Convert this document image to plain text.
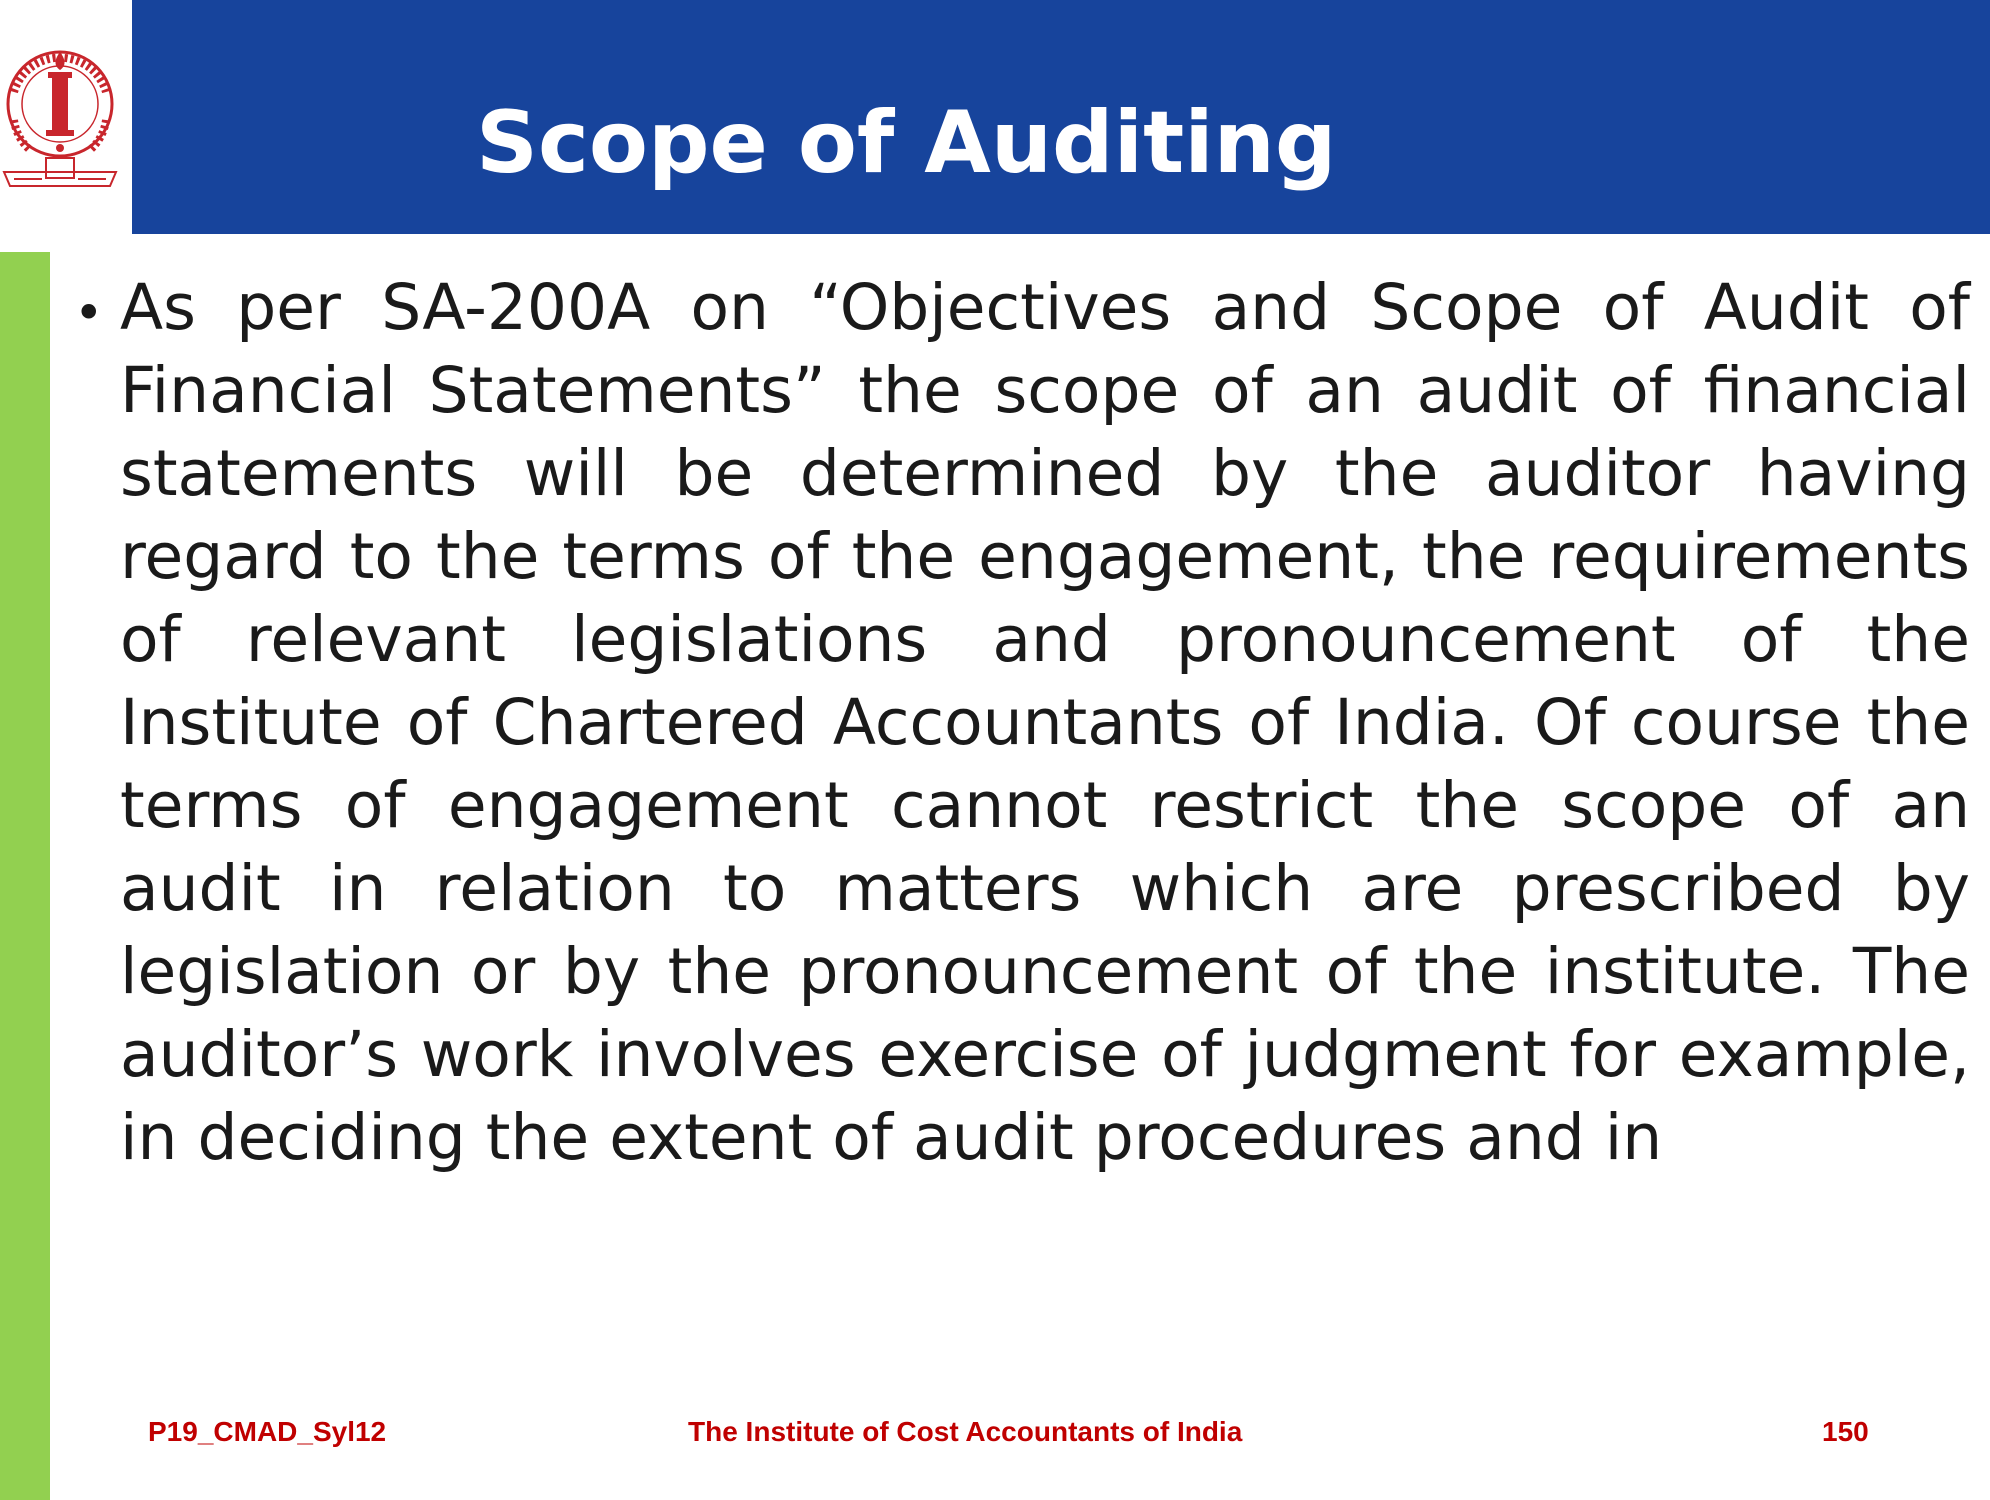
Scope of Auditing
• As per SA-200A on “Objectives and Scope of Audit of Financial Statements” the scope of an audit of financial statements will be determined by the auditor having regard to the terms of the engagement, the requirements of relevant legislations and pronouncement of the Institute of Chartered Accountants of India. Of course the terms of engagement cannot restrict the scope of an audit in relation to matters which are prescribed by legislation or by the pronouncement of the institute. The auditor’s work involves exercise of judgment for example, in deciding the extent of audit procedures and in

P19_CMAD_Syl12	The Institute of Cost Accountants of India	150
